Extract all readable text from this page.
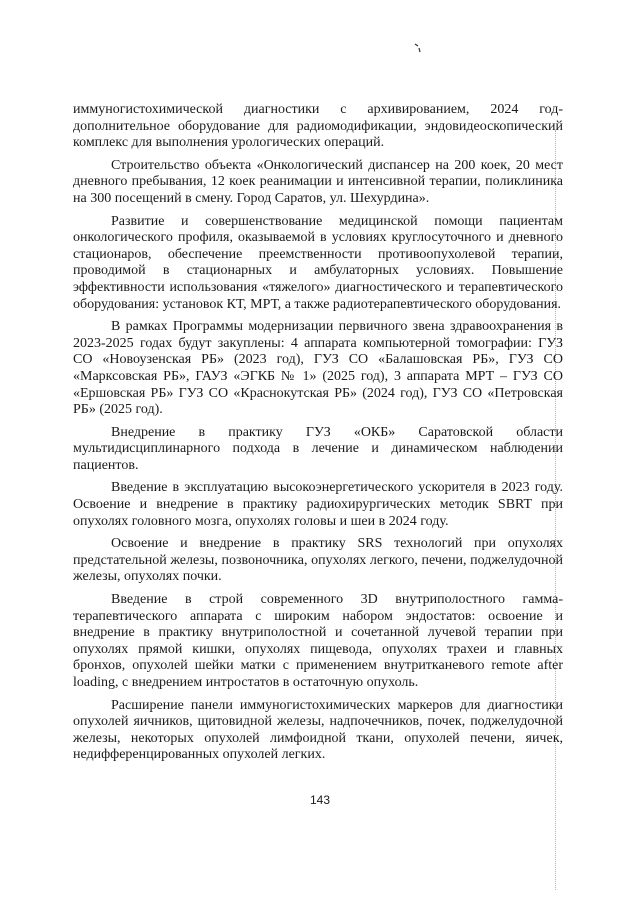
иммуногистохимической диагностики с архивированием, 2024 год- дополнительное оборудование для радиомодификации, эндовидеоскопический комплекс для выполнения урологических операций.

Строительство объекта «Онкологический диспансер на 200 коек, 20 мест дневного пребывания, 12 коек реанимации и интенсивной терапии, поликлиника на 300 посещений в смену. Город Саратов, ул. Шехурдина».

Развитие и совершенствование медицинской помощи пациентам онкологического профиля, оказываемой в условиях круглосуточного и дневного стационаров, обеспечение преемственности противоопухолевой терапии, проводимой в стационарных и амбулаторных условиях. Повышение эффективности использования «тяжелого» диагностического и терапевтического оборудования: установок КТ, МРТ, а также радиотерапевтического оборудования.

В рамках Программы модернизации первичного звена здравоохранения в 2023-2025 годах будут закуплены: 4 аппарата компьютерной томографии: ГУЗ СО «Новоузенская РБ» (2023 год), ГУЗ СО «Балашовская РБ», ГУЗ СО «Марксовская РБ», ГАУЗ «ЭГКБ № 1» (2025 год), 3 аппарата МРТ – ГУЗ СО «Ершовская РБ» ГУЗ СО «Краснокутская РБ» (2024 год), ГУЗ СО «Петровская РБ» (2025 год).

Внедрение в практику ГУЗ «ОКБ» Саратовской области мультидисциплинарного подхода в лечение и динамическом наблюдении пациентов.

Введение в эксплуатацию высокоэнергетического ускорителя в 2023 году. Освоение и внедрение в практику радиохирургических методик SBRT при опухолях головного мозга, опухолях головы и шеи в 2024 году.

Освоение и внедрение в практику SRS технологий при опухолях предстательной железы, позвоночника, опухолях легкого, печени, поджелудочной железы, опухолях почки.

Введение в строй современного 3D внутриполостного гамма-терапевтического аппарата с широким набором эндостатов: освоение и внедрение в практику внутриполостной и сочетанной лучевой терапии при опухолях прямой кишки, опухолях пищевода, опухолях трахеи и главных бронхов, опухолей шейки матки с применением внутритканевого remote after loading, с внедрением интростатов в остаточную опухоль.

Расширение панели иммуногистохимических маркеров для диагностики опухолей яичников, щитовидной железы, надпочечников, почек, поджелудочной железы, некоторых опухолей лимфоидной ткани, опухолей печени, яичек, недифференцированных опухолей легких.

143
